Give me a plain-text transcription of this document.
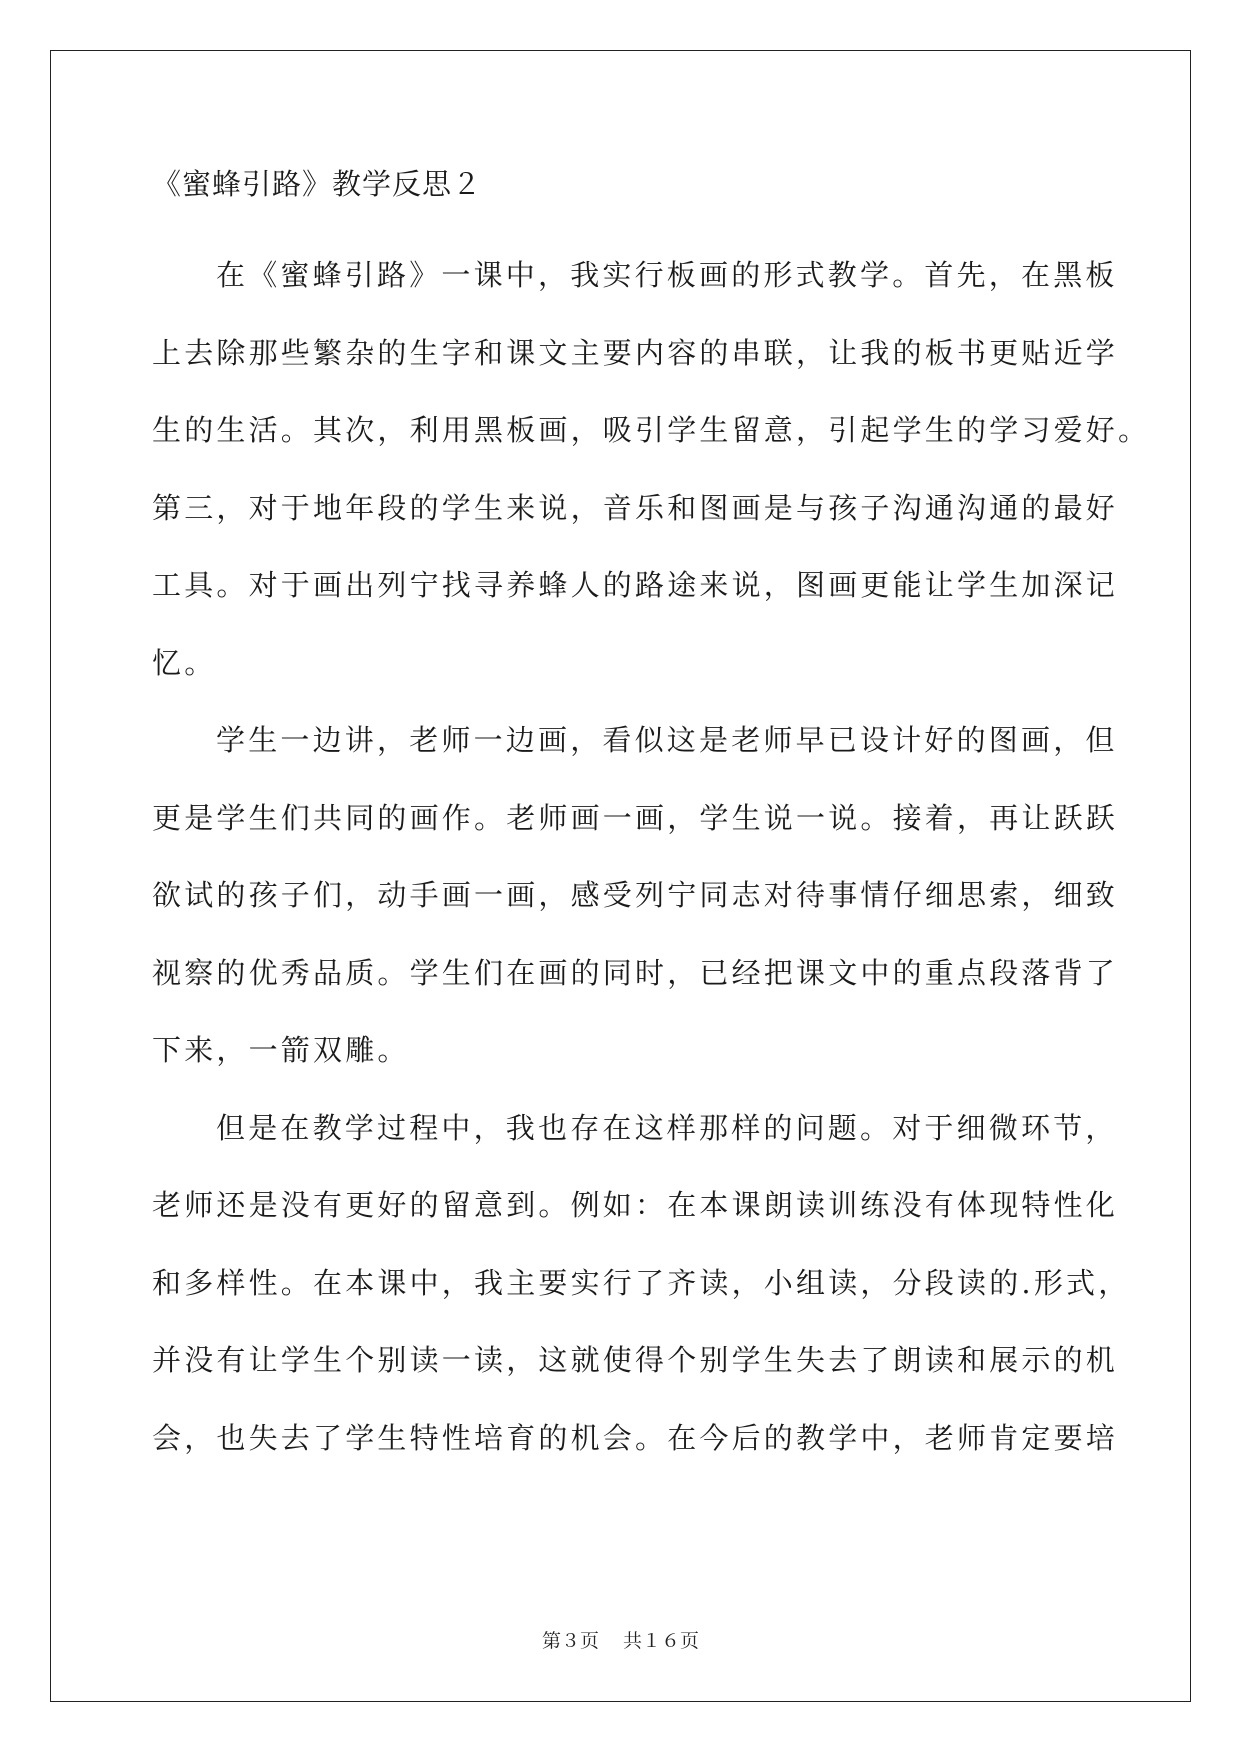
《蜜蜂引路》教学反思２

在《蜜蜂引路》一课中，我实行板画的形式教学。首先，在黑板
上去除那些繁杂的生字和课文主要内容的串联，让我的板书更贴近学
生的生活。其次，利用黑板画，吸引学生留意，引起学生的学习爱好。
第三，对于地年段的学生来说，音乐和图画是与孩子沟通沟通的最好
工具。对于画出列宁找寻养蜂人的路途来说，图画更能让学生加深记
忆。

学生一边讲，老师一边画，看似这是老师早已设计好的图画，但
更是学生们共同的画作。老师画一画，学生说一说。接着，再让跃跃
欲试的孩子们，动手画一画，感受列宁同志对待事情仔细思索，细致
视察的优秀品质。学生们在画的同时，已经把课文中的重点段落背了
下来，一箭双雕。

但是在教学过程中，我也存在这样那样的问题。对于细微环节，
老师还是没有更好的留意到。例如：在本课朗读训练没有体现特性化
和多样性。在本课中，我主要实行了齐读，小组读，分段读的.形式，
并没有让学生个别读一读，这就使得个别学生失去了朗读和展示的机
会，也失去了学生特性培育的机会。在今后的教学中，老师肯定要培

第３页 共１６页
